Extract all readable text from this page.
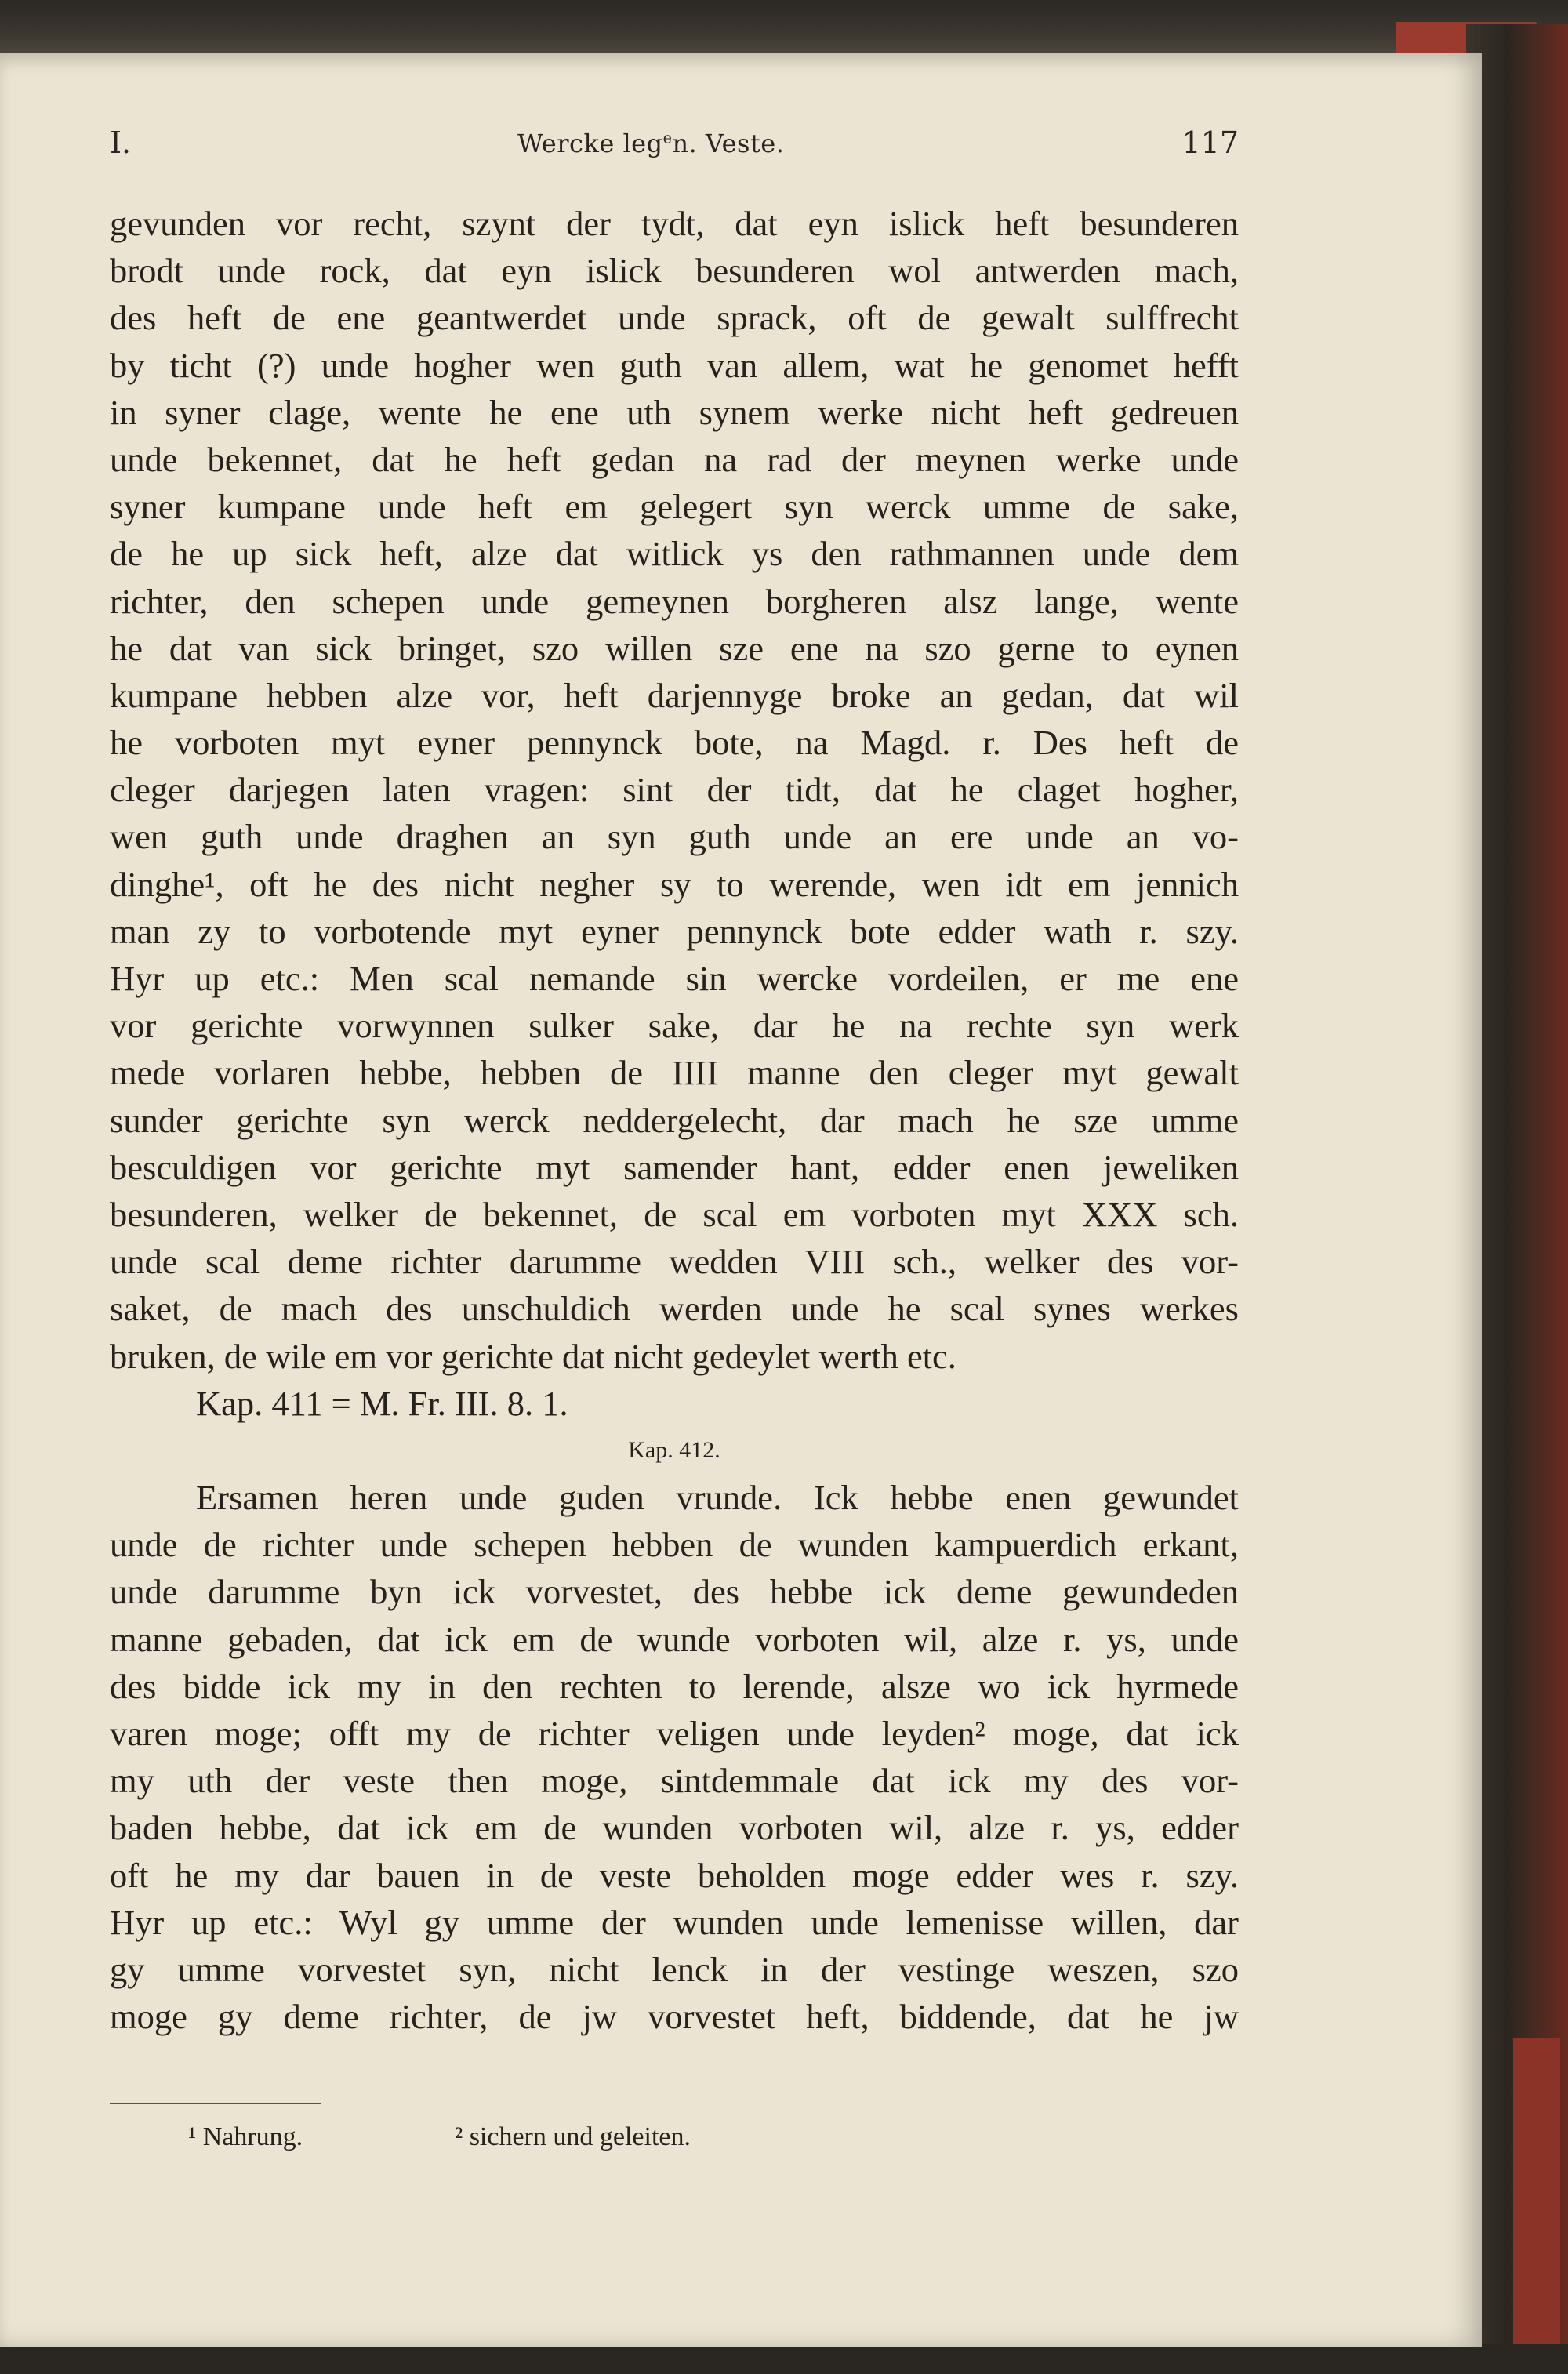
I.	Wercke leg$^e$n. Veste.	117
gevunden vor recht, szynt der tydt, dat eyn islick heft besunderen
brodt unde rock, dat eyn islick besunderen wol antwerden mach,
des heft de ene geantwerdet unde sprack, oft de gewalt sulffrecht
by ticht (?) unde hogher wen guth van allem, wat he genomet hefft
in syner clage, wente he ene uth synem werke nicht heft gedreuen
unde bekennet, dat he heft gedan na rad der meynen werke unde
syner kumpane unde heft em gelegert syn werck umme de sake,
de he up sick heft, alze dat witlick ys den rathmannen unde dem
richter, den schepen unde gemeynen borgheren alsz lange, wente
he dat van sick bringet, szo willen sze ene na szo gerne to eynen
kumpane hebben alze vor, heft darjennyge broke an gedan, dat wil
he vorboten myt eyner pennynck bote, na Magd. r. Des heft de
cleger darjegen laten vragen: sint der tidt, dat he claget hogher,
wen guth unde draghen an syn guth unde an ere unde an vo-
dinghe¹, oft he des nicht negher sy to werende, wen idt em jennich
man zy to vorbotende myt eyner pennynck bote edder wath r. szy.
Hyr up etc.: Men scal nemande sin wercke vordeilen, er me ene
vor gerichte vorwynnen sulker sake, dar he na rechte syn werk
mede vorlaren hebbe, hebben de IIII manne den cleger myt gewalt
sunder gerichte syn werck neddergelecht, dar mach he sze umme
besculdigen vor gerichte myt samender hant, edder enen jeweliken
besunderen, welker de bekennet, de scal em vorboten myt XXX sch.
unde scal deme richter darumme wedden VIII sch., welker des vor-
saket, de mach des unschuldich werden unde he scal synes werkes
bruken, de wile em vor gerichte dat nicht gedeylet werth etc.
Kap. 411 = M. Fr. III. 8. 1.
Kap. 412.
Ersamen heren unde guden vrunde. Ick hebbe enen gewundet
unde de richter unde schepen hebben de wunden kampuerdich erkant,
unde darumme byn ick vorvestet, des hebbe ick deme gewundeden
manne gebaden, dat ick em de wunde vorboten wil, alze r. ys, unde
des bidde ick my in den rechten to lerende, alsze wo ick hyrmede
varen moge; offt my de richter veligen unde leyden² moge, dat ick
my uth der veste then moge, sintdemmale dat ick my des vor-
baden hebbe, dat ick em de wunden vorboten wil, alze r. ys, edder
oft he my dar bauen in de veste beholden moge edder wes r. szy.
Hyr up etc.: Wyl gy umme der wunden unde lemenisse willen, dar
gy umme vorvestet syn, nicht lenck in der vestinge weszen, szo
moge gy deme richter, de jw vorvestet heft, biddende, dat he jw
¹ Nahrung.	² sichern und geleiten.
